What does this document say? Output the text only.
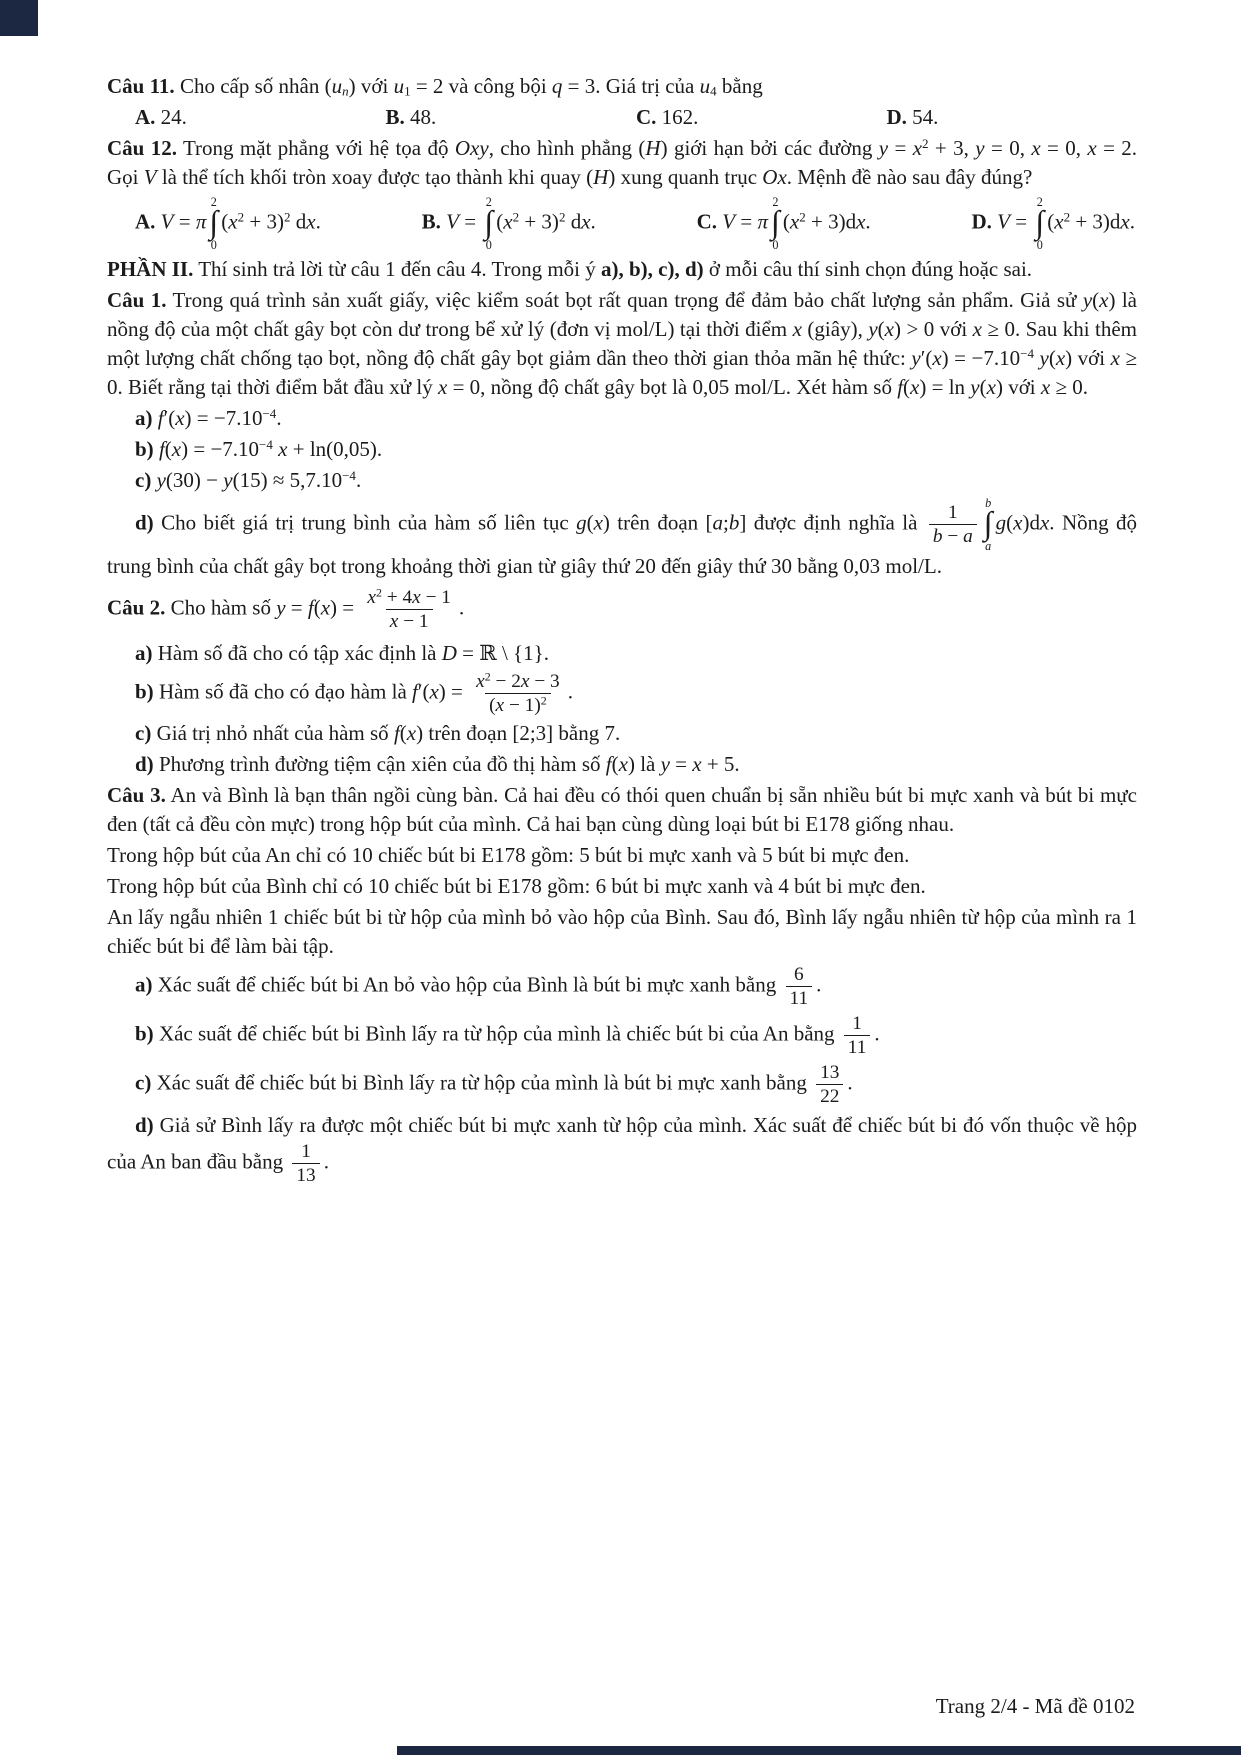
Câu 11. Cho cấp số nhân (un) với u1 = 2 và công bội q = 3. Giá trị của u4 bằng
A. 24.	B. 48.	C. 162.	D. 54.
Câu 12. Trong mặt phẳng với hệ tọa độ Oxy, cho hình phẳng (H) giới hạn bởi các đường $y = x^2 + 3$, y = 0, x = 0, x = 2. Gọi V là thể tích khối tròn xoay được tạo thành khi quay (H) xung quanh trục Ox. Mệnh đề nào sau đây đúng?
A. V = π
2
∫
0
$(x^2 + 3)^2$ dx.	B. V =
2
∫
0
$(x^2 + 3)^2$ dx.	C. V = π
2
∫
0
$(x^2 + 3)dx$.	D. V =
2
∫
0
$(x^2 + 3)dx$.
PHẦN II. Thí sinh trả lời từ câu 1 đến câu 4. Trong mỗi ý a), b), c), d) ở mỗi câu thí sinh chọn đúng hoặc sai.
Câu 1. Trong quá trình sản xuất giấy, việc kiểm soát bọt rất quan trọng để đảm bảo chất lượng sản phẩm. Giả sử y(x) là nồng độ của một chất gây bọt còn dư trong bể xử lý (đơn vị mol/L) tại thời điểm x (giây), y(x) > 0 với x ≥ 0. Sau khi thêm một lượng chất chống tạo bọt, nồng độ chất gây bọt giảm dần theo thời gian thỏa mãn hệ thức: $y'(x) = -7.10^{-4}$ y(x) với x ≥ 0. Biết rằng tại thời điểm bắt đầu xử lý x = 0, nồng độ chất gây bọt là 0,05 mol/L. Xét hàm số f(x) = ln y(x) với x ≥ 0.
a) $f'(x) = -7.10^{-4}$.
b) $f(x) = -7.10^{-4}$ x + ln(0,05).
c) $y(30) - y(15) \approx 5,7.10^{-4}$.
d) Cho biết giá trị trung bình của hàm số liên tục g(x) trên đoạn [a;b] được định nghĩa là $\frac{1}{b - a}$ b
∫
a
g(x)dx. Nồng độ trung bình của chất gây bọt trong khoảng thời gian từ giây thứ 20 đến giây thứ 30 bằng 0,03 mol/L.
Câu 2. Cho hàm số $y = f(x) = \frac{x^2 + 4x - 1}{x - 1}$ .
a) Hàm số đã cho có tập xác định là D = ℝ \ {1}.
b) Hàm số đã cho có đạo hàm là $f'(x) = \frac{x^2 - 2x - 3}{(x - 1)^2}$ .
c) Giá trị nhỏ nhất của hàm số f(x) trên đoạn [2;3] bằng 7.
d) Phương trình đường tiệm cận xiên của đồ thị hàm số f(x) là y = x + 5.
Câu 3. An và Bình là bạn thân ngồi cùng bàn. Cả hai đều có thói quen chuẩn bị sẵn nhiều bút bi mực xanh và bút bi mực đen (tất cả đều còn mực) trong hộp bút của mình. Cả hai bạn cùng dùng loại bút bi E178 giống nhau.
Trong hộp bút của An chỉ có 10 chiếc bút bi E178 gồm: 5 bút bi mực xanh và 5 bút bi mực đen.
Trong hộp bút của Bình chỉ có 10 chiếc bút bi E178 gồm: 6 bút bi mực xanh và 4 bút bi mực đen.
An lấy ngẫu nhiên 1 chiếc bút bi từ hộp của mình bỏ vào hộp của Bình. Sau đó, Bình lấy ngẫu nhiên từ hộp của mình ra 1 chiếc bút bi để làm bài tập.
a) Xác suất để chiếc bút bi An bỏ vào hộp của Bình là bút bi mực xanh bằng $\frac{6}{11}$ .
b) Xác suất để chiếc bút bi Bình lấy ra từ hộp của mình là chiếc bút bi của An bằng $\frac{1}{11}$ .
c) Xác suất để chiếc bút bi Bình lấy ra từ hộp của mình là bút bi mực xanh bằng $\frac{13}{22}$ .
d) Giả sử Bình lấy ra được một chiếc bút bi mực xanh từ hộp của mình. Xác suất để chiếc bút bi đó vốn thuộc về hộp của An ban đầu bằng $\frac{1}{13}$ .
Trang 2/4 - Mã đề 0102
